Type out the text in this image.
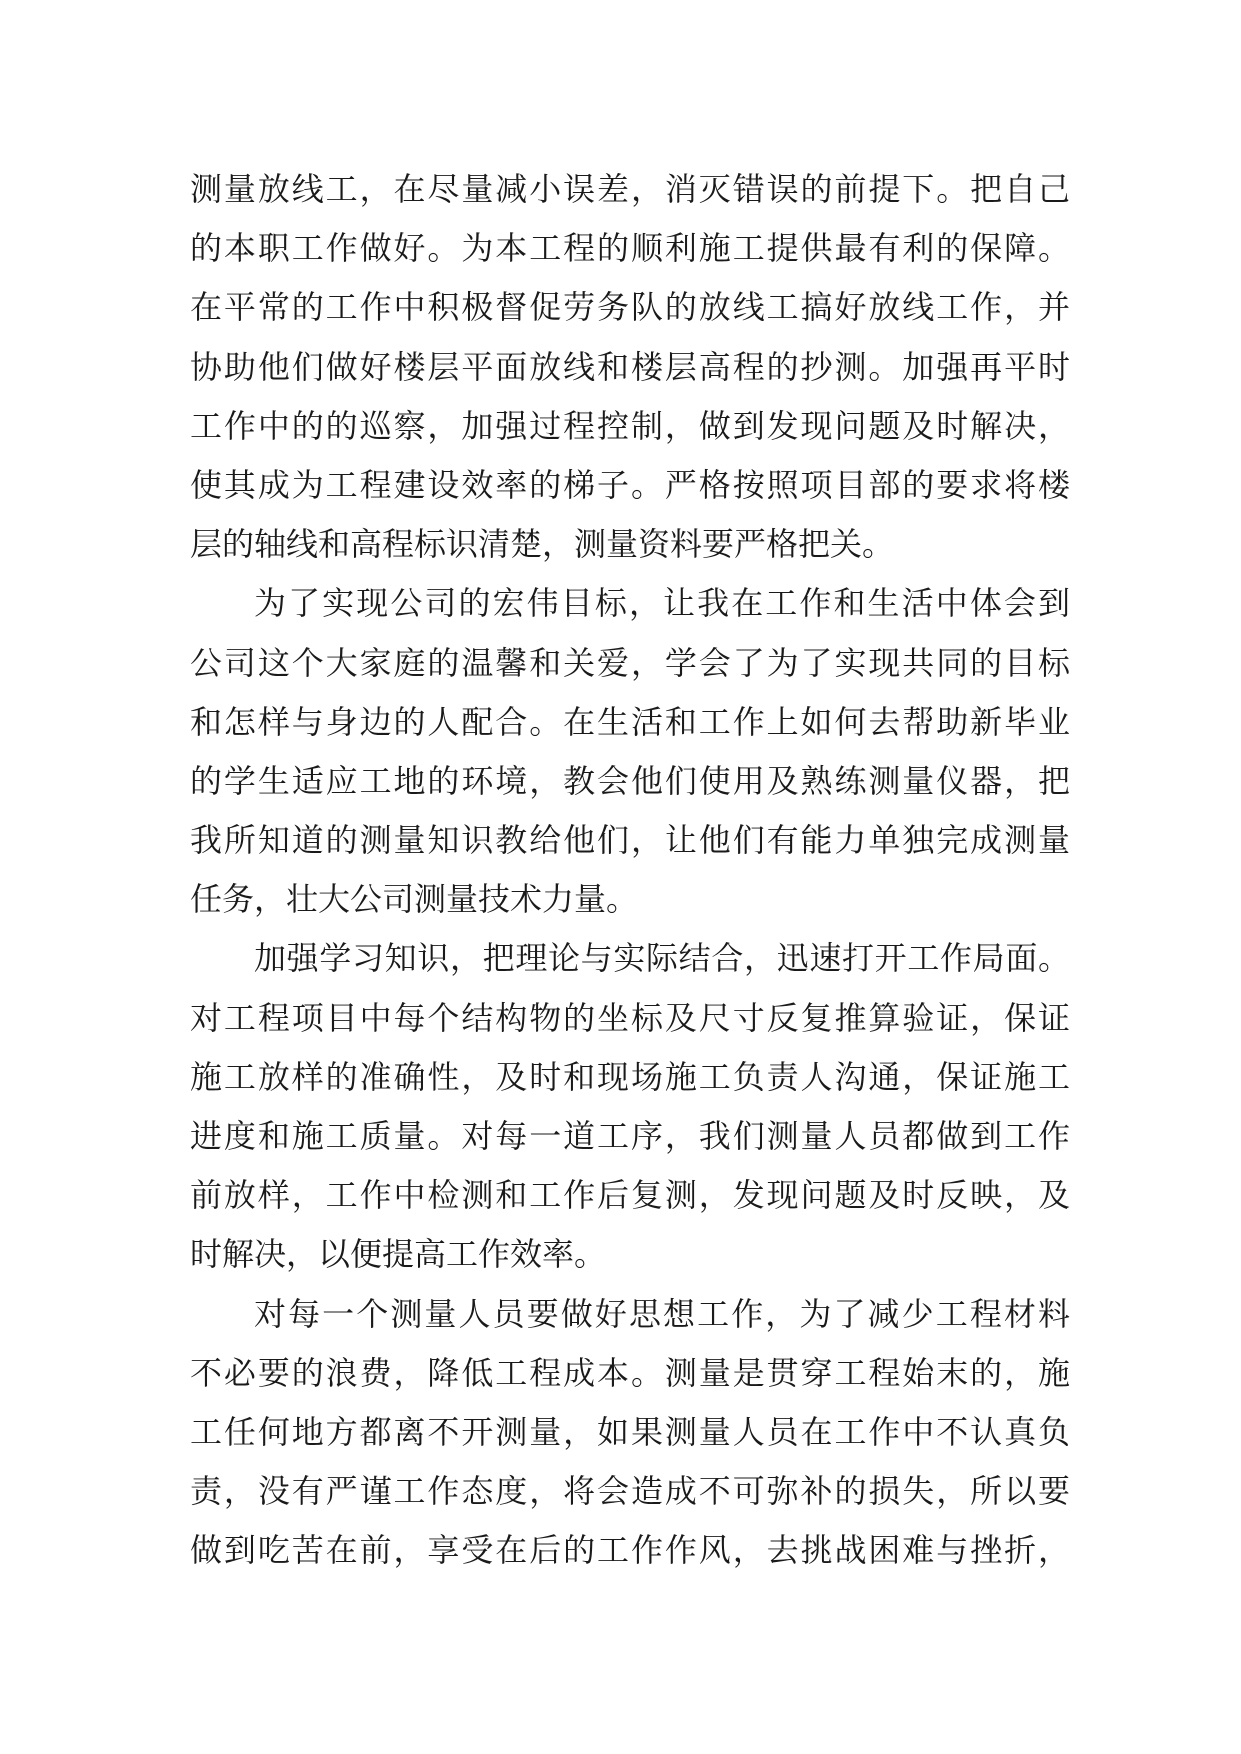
测量放线工，在尽量减小误差，消灭错误的前提下。把自己
的本职工作做好。为本工程的顺利施工提供最有利的保障。
在平常的工作中积极督促劳务队的放线工搞好放线工作，并
协助他们做好楼层平面放线和楼层高程的抄测。加强再平时
工作中的的巡察，加强过程控制，做到发现问题及时解决，
使其成为工程建设效率的梯子。严格按照项目部的要求将楼
层的轴线和高程标识清楚，测量资料要严格把关。
为了实现公司的宏伟目标，让我在工作和生活中体会到
公司这个大家庭的温馨和关爱，学会了为了实现共同的目标
和怎样与身边的人配合。在生活和工作上如何去帮助新毕业
的学生适应工地的环境，教会他们使用及熟练测量仪器，把
我所知道的测量知识教给他们，让他们有能力单独完成测量
任务，壮大公司测量技术力量。
加强学习知识，把理论与实际结合，迅速打开工作局面。
对工程项目中每个结构物的坐标及尺寸反复推算验证，保证
施工放样的准确性，及时和现场施工负责人沟通，保证施工
进度和施工质量。对每一道工序，我们测量人员都做到工作
前放样，工作中检测和工作后复测，发现问题及时反映，及
时解决，以便提高工作效率。
对每一个测量人员要做好思想工作，为了减少工程材料
不必要的浪费，降低工程成本。测量是贯穿工程始末的，施
工任何地方都离不开测量，如果测量人员在工作中不认真负
责，没有严谨工作态度，将会造成不可弥补的损失，所以要
做到吃苦在前，享受在后的工作作风，去挑战困难与挫折，
